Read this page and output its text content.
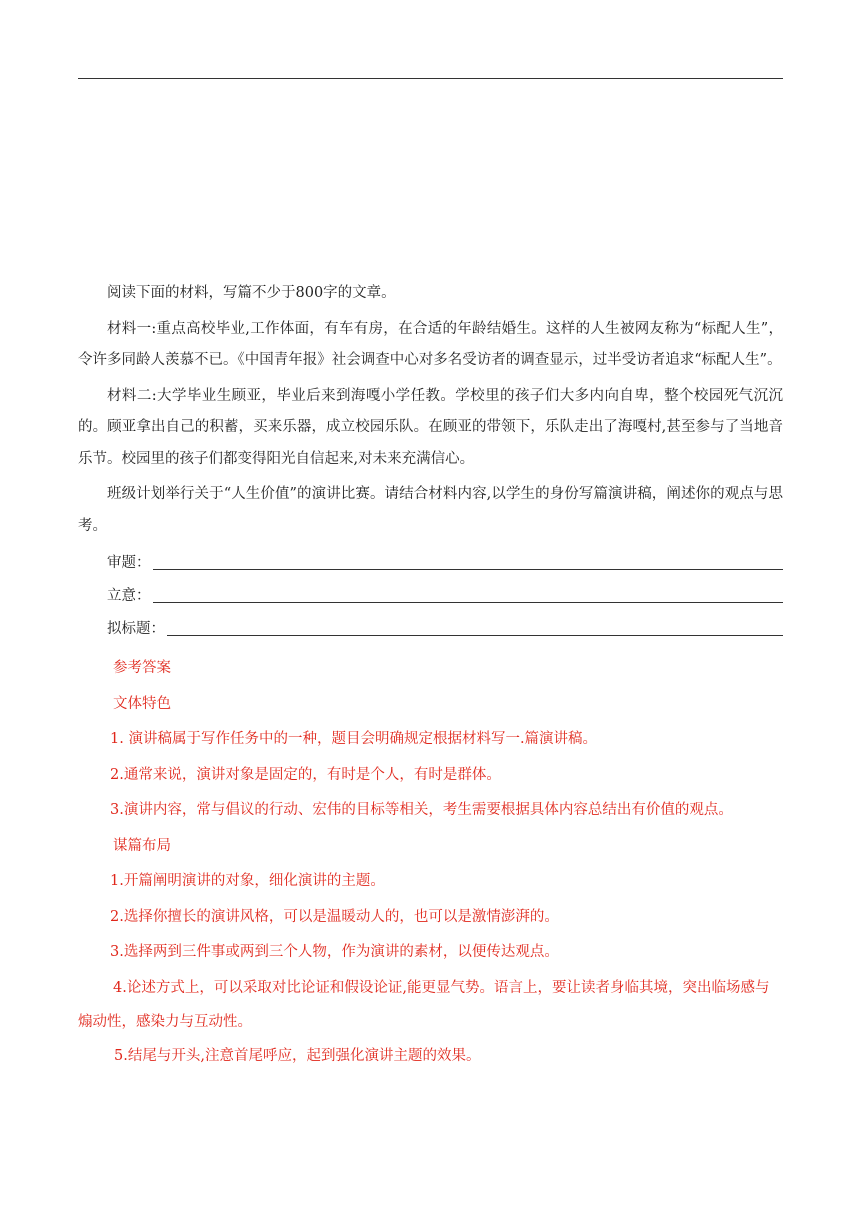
阅读下面的材料，写篇不少于800字的文章。

材料一:重点高校毕业,工作体面，有车有房，在合适的年龄结婚生。这样的人生被网友称为“标配人生”，令许多同龄人羡慕不已。《中国青年报》社会调查中心对多名受访者的调查显示，过半受访者追求“标配人生”。

材料二:大学毕业生顾亚，毕业后来到海嘎小学任教。学校里的孩子们大多内向自卑，整个校园死气沉沉的。顾亚拿出自己的积蓄，买来乐器，成立校园乐队。在顾亚的带领下，乐队走出了海嘎村,甚至参与了当地音乐节。校园里的孩子们都变得阳光自信起来,对未来充满信心。

班级计划举行关于“人生价值”的演讲比赛。请结合材料内容,以学生的身份写篇演讲稿，阐述你的观点与思考。

审题：
立意：
拟标题：
参考答案
文体特色
1. 演讲稿属于写作任务中的一种，题目会明确规定根据材料写一.篇演讲稿。
2.通常来说，演讲对象是固定的，有时是个人，有时是群体。
3.演讲内容，常与倡议的行动、宏伟的目标等相关，考生需要根据具体内容总结出有价值的观点。
谋篇布局
1.开篇阐明演讲的对象，细化演讲的主题。
2.选择你擅长的演讲风格，可以是温暖动人的，也可以是激情澎湃的。
3.选择两到三件事或两到三个人物，作为演讲的素材，以便传达观点。
4.论述方式上，可以采取对比论证和假设论证,能更显气势。语言上，要让读者身临其境，突出临场感与煽动性，感染力与互动性。
5.结尾与开头,注意首尾呼应，起到强化演讲主题的效果。
